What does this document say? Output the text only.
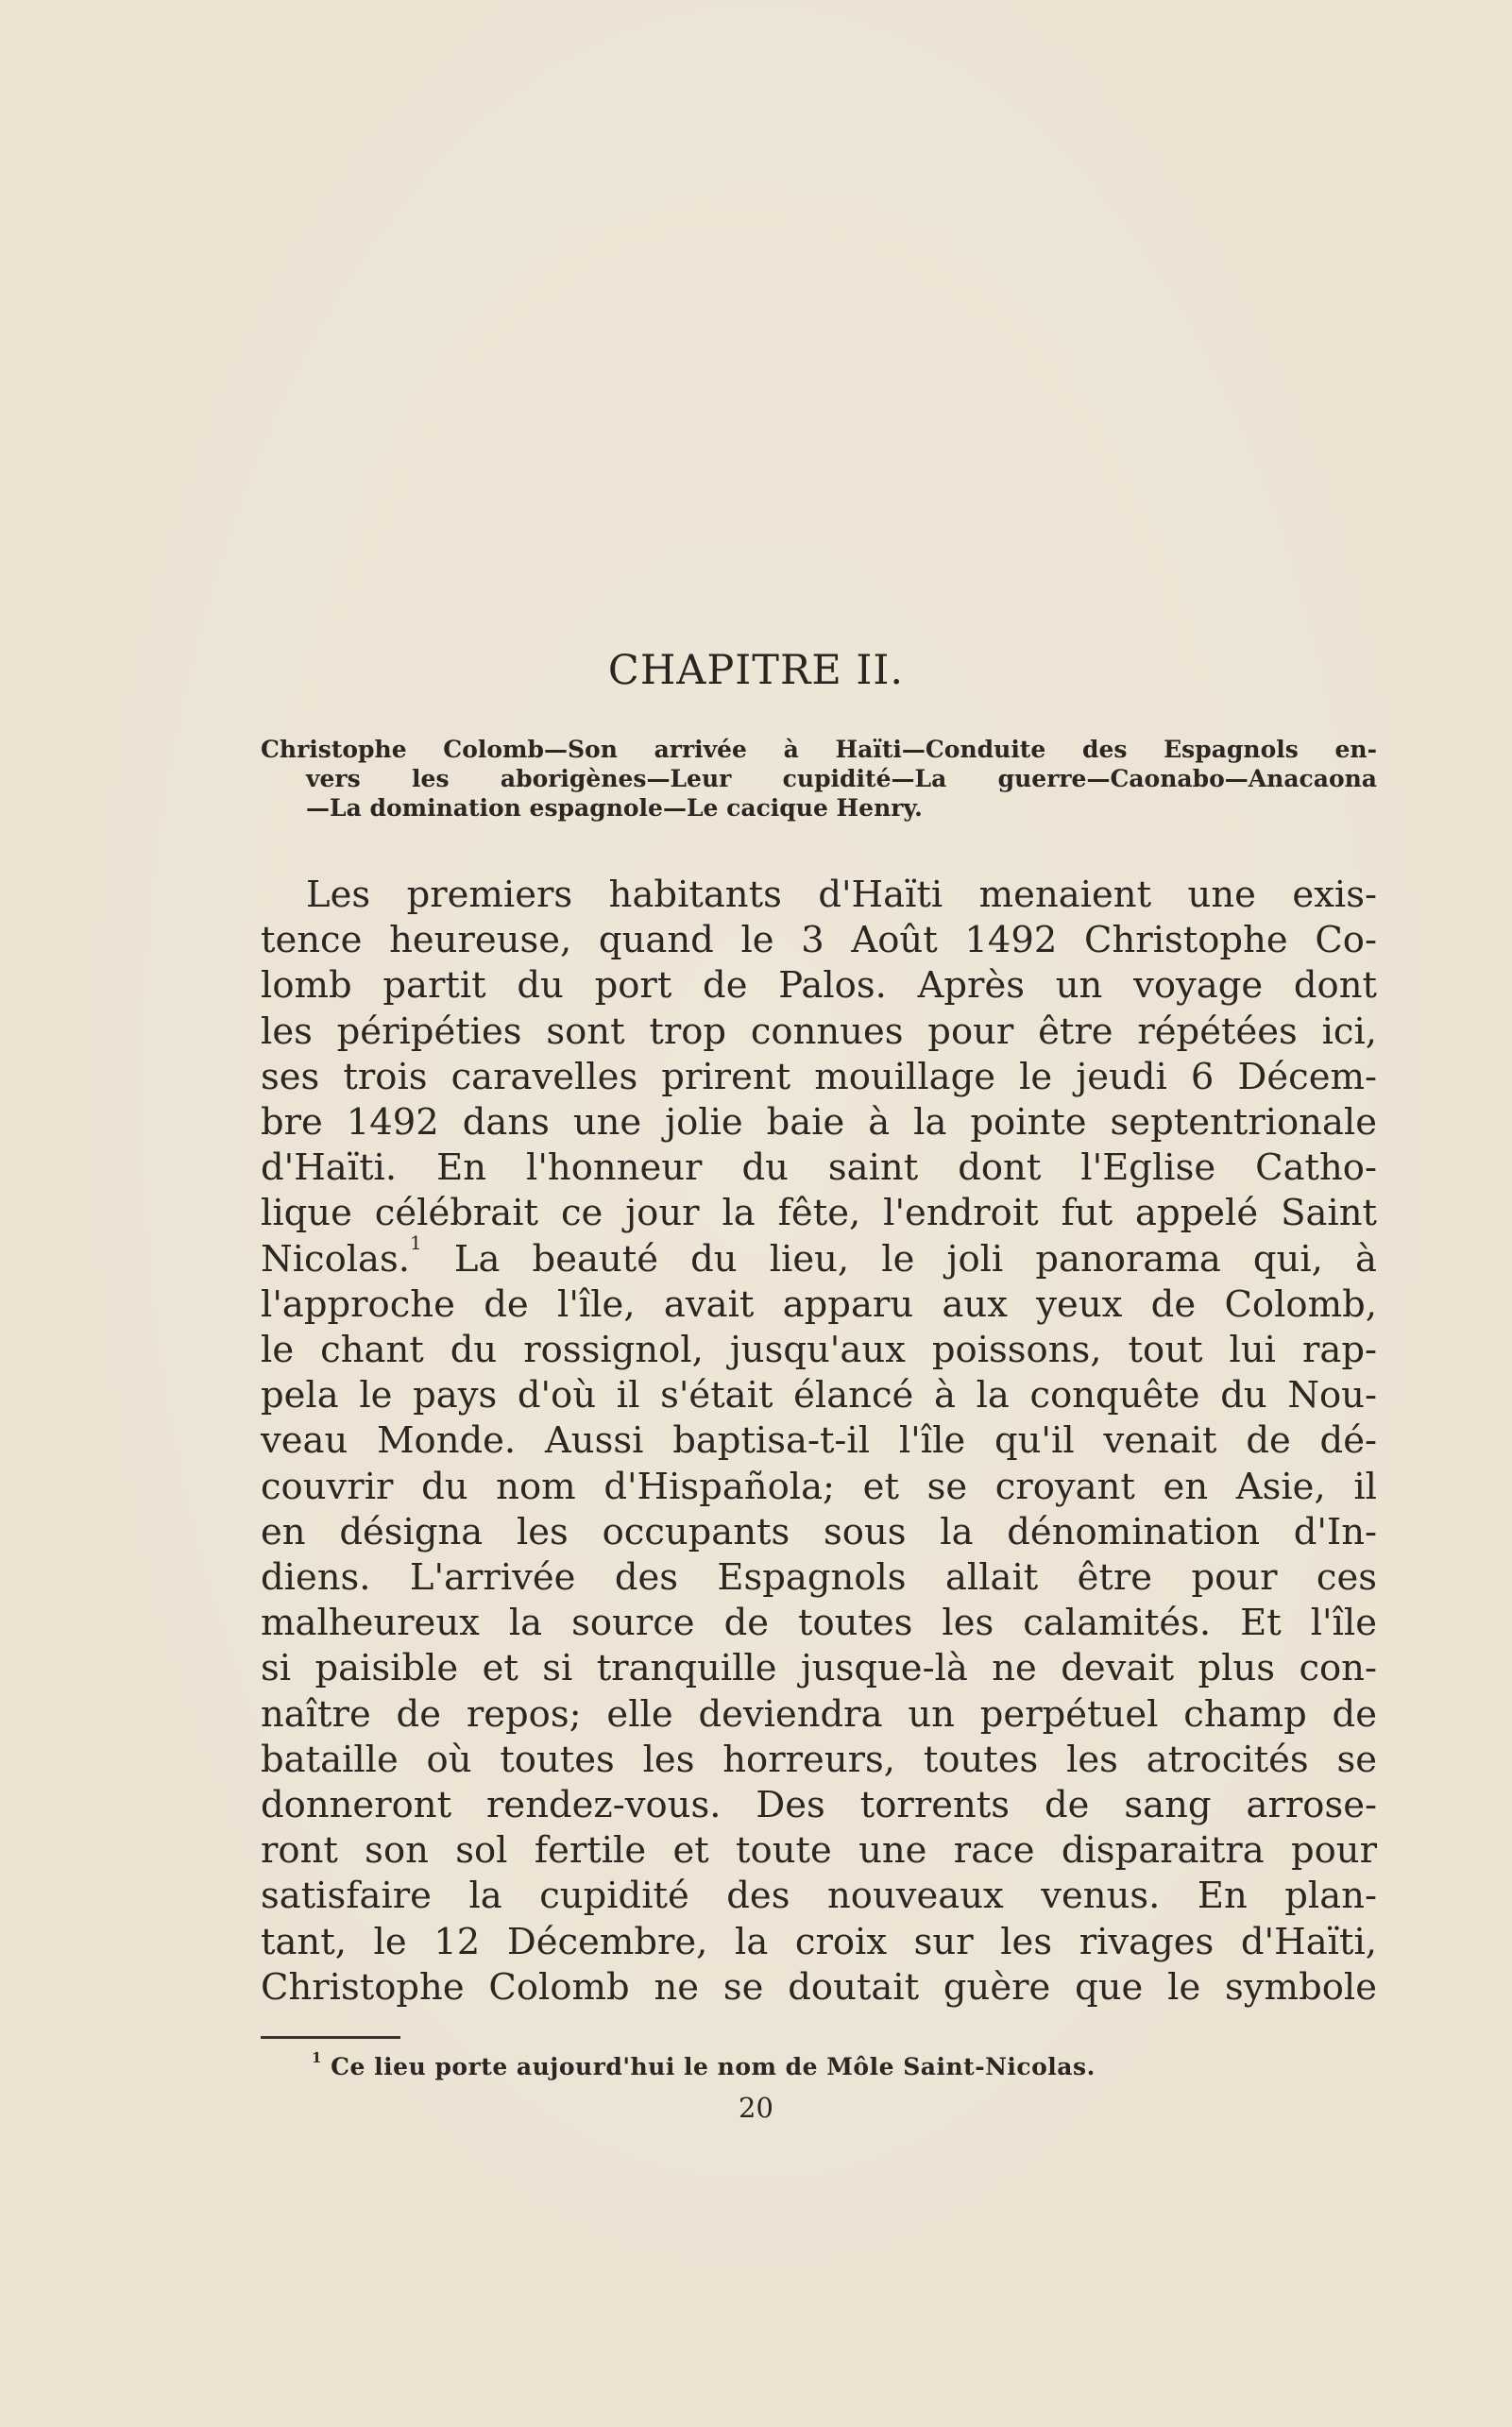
CHAPITRE II.
Christophe Colomb—Son arrivée à Haïti—Conduite des Espagnols en-
vers les aborigènes—Leur cupidité—La guerre—Caonabo—Anacaona
—La domination espagnole—Le cacique Henry.
Les premiers habitants d'Haïti menaient une exis-
tence heureuse, quand le 3 Août 1492 Christophe Co-
lomb partit du port de Palos. Après un voyage dont
les péripéties sont trop connues pour être répétées ici,
ses trois caravelles prirent mouillage le jeudi 6 Décem-
bre 1492 dans une jolie baie à la pointe septentrionale
d'Haïti. En l'honneur du saint dont l'Eglise Catho-
lique célébrait ce jour la fête, l'endroit fut appelé Saint
Nicolas.$^1$ La beauté du lieu, le joli panorama qui, à
l'approche de l'île, avait apparu aux yeux de Colomb,
le chant du rossignol, jusqu'aux poissons, tout lui rap-
pela le pays d'où il s'était élancé à la conquête du Nou-
veau Monde. Aussi baptisa-t-il l'île qu'il venait de dé-
couvrir du nom d'Hispañola; et se croyant en Asie, il
en désigna les occupants sous la dénomination d'In-
diens. L'arrivée des Espagnols allait être pour ces
malheureux la source de toutes les calamités. Et l'île
si paisible et si tranquille jusque-là ne devait plus con-
naître de repos; elle deviendra un perpétuel champ de
bataille où toutes les horreurs, toutes les atrocités se
donneront rendez-vous. Des torrents de sang arrose-
ront son sol fertile et toute une race disparaitra pour
satisfaire la cupidité des nouveaux venus. En plan-
tant, le 12 Décembre, la croix sur les rivages d'Haïti,
Christophe Colomb ne se doutait guère que le symbole
$^1$ Ce lieu porte aujourd'hui le nom de Môle Saint-Nicolas.
20
